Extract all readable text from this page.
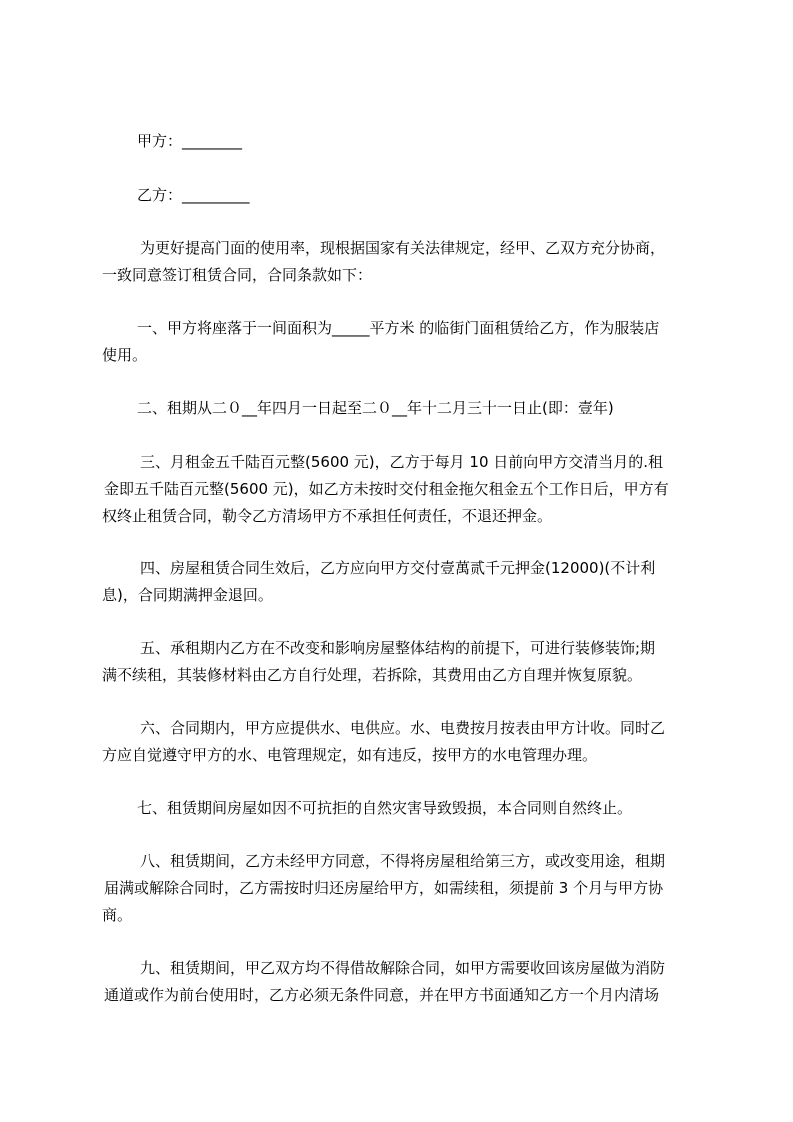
甲方：________
乙方：_________
为更好提高门面的使用率，现根据国家有关法律规定，经甲、乙双方充分协商，
一致同意签订租赁合同，合同条款如下：
一、甲方将座落于一间面积为_____平方米 的临街门面租赁给乙方，作为服装店
使用。
二、租期从二０__年四月一日起至二０__年十二月三十一日止(即：壹年)
三、月租金五千陆百元整(5600 元)，乙方于每月 10 日前向甲方交清当月的.租
金即五千陆百元整(5600 元)，如乙方未按时交付租金拖欠租金五个工作日后，甲方有
权终止租赁合同，勒令乙方清场甲方不承担任何责任，不退还押金。
四、房屋租赁合同生效后，乙方应向甲方交付壹萬贰千元押金(12000)(不计利
息)，合同期满押金退回。
五、承租期内乙方在不改变和影响房屋整体结构的前提下，可进行装修装饰;期
满不续租，其装修材料由乙方自行处理，若拆除，其费用由乙方自理并恢复原貌。
六、合同期内，甲方应提供水、电供应。水、电费按月按表由甲方计收。同时乙
方应自觉遵守甲方的水、电管理规定，如有违反，按甲方的水电管理办理。
七、租赁期间房屋如因不可抗拒的自然灾害导致毁损，本合同则自然终止。
八、租赁期间，乙方未经甲方同意，不得将房屋租给第三方，或改变用途，租期
届满或解除合同时，乙方需按时归还房屋给甲方，如需续租，须提前 3 个月与甲方协
商。
九、租赁期间，甲乙双方均不得借故解除合同，如甲方需要收回该房屋做为消防
通道或作为前台使用时，乙方必须无条件同意，并在甲方书面通知乙方一个月内清场
